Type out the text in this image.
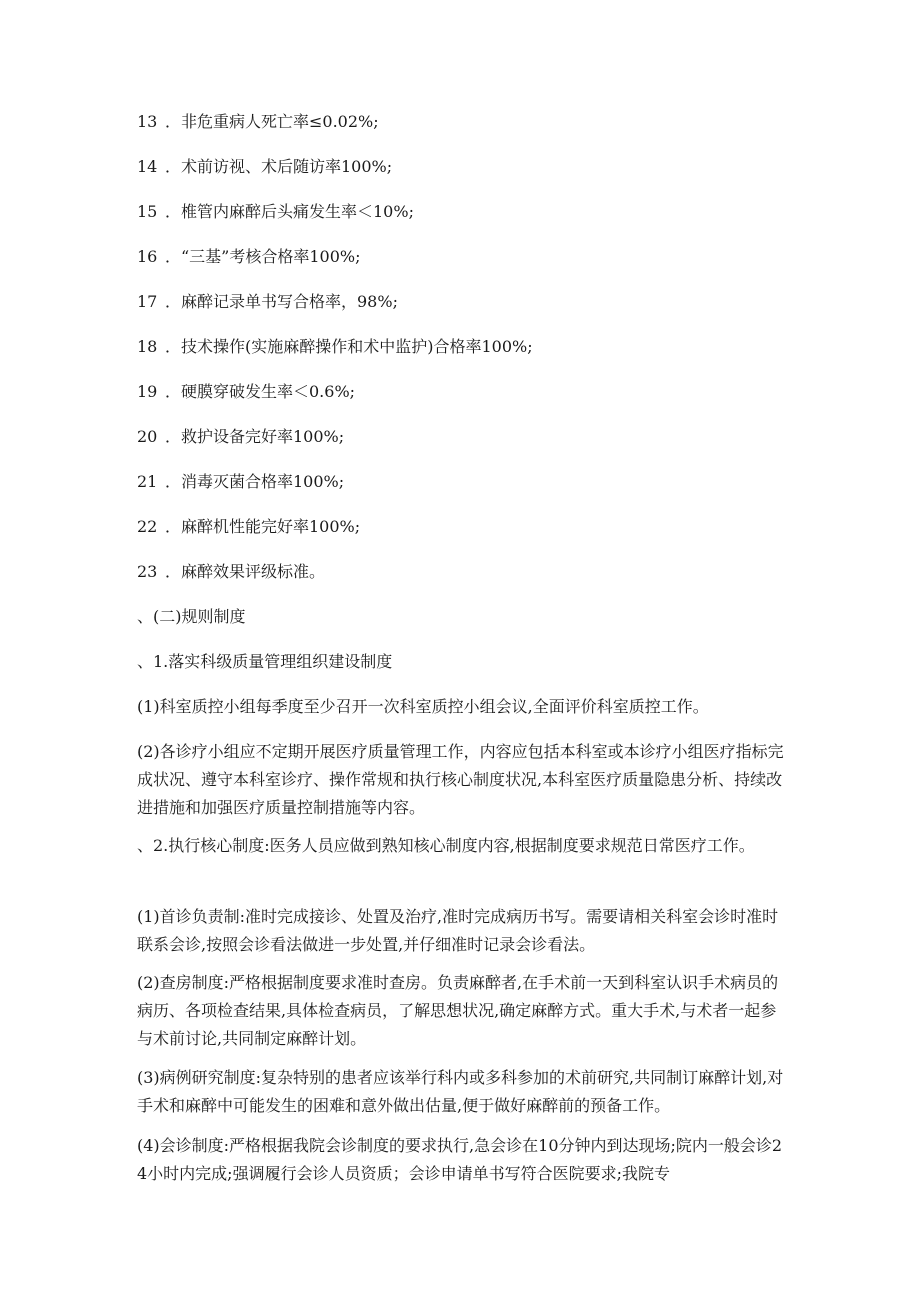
13 ．非危重病人死亡率≤0.02%;
14 ．术前访视、术后随访率100%;
15 ．椎管内麻醉后头痛发生率＜10%;
16 ．“三基”考核合格率100%;
17 ．麻醉记录单书写合格率，98%;
18 ．技术操作(实施麻醉操作和术中监护)合格率100%;
19 ．硬膜穿破发生率＜0.6%;
20 ．救护设备完好率100%;
21 ．消毒灭菌合格率100%;
22 ．麻醉机性能完好率100%;
23 ．麻醉效果评级标准。
、(二)规则制度
、1.落实科级质量管理组织建设制度
(1)科室质控小组每季度至少召开一次科室质控小组会议,全面评价科室质控工作。
(2)各诊疗小组应不定期开展医疗质量管理工作，内容应包括本科室或本诊疗小组医疗指标完成状况、遵守本科室诊疗、操作常规和执行核心制度状况,本科室医疗质量隐患分析、持续改进措施和加强医疗质量控制措施等内容。
、2.执行核心制度:医务人员应做到熟知核心制度内容,根据制度要求规范日常医疗工作。
(1)首诊负责制:准时完成接诊、处置及治疗,准时完成病历书写。需要请相关科室会诊时准时联系会诊,按照会诊看法做进一步处置,并仔细准时记录会诊看法。
(2)查房制度:严格根据制度要求准时查房。负责麻醉者,在手术前一天到科室认识手术病员的病历、各项检查结果,具体检查病员，了解思想状况,确定麻醉方式。重大手术,与术者一起参与术前讨论,共同制定麻醉计划。
(3)病例研究制度:复杂特别的患者应该举行科内或多科参加的术前研究,共同制订麻醉计划,对手术和麻醉中可能发生的困难和意外做出估量,便于做好麻醉前的预备工作。
(4)会诊制度:严格根据我院会诊制度的要求执行,急会诊在10分钟内到达现场;院内一般会诊24小时内完成;强调履行会诊人员资质；会诊申请单书写符合医院要求;我院专
